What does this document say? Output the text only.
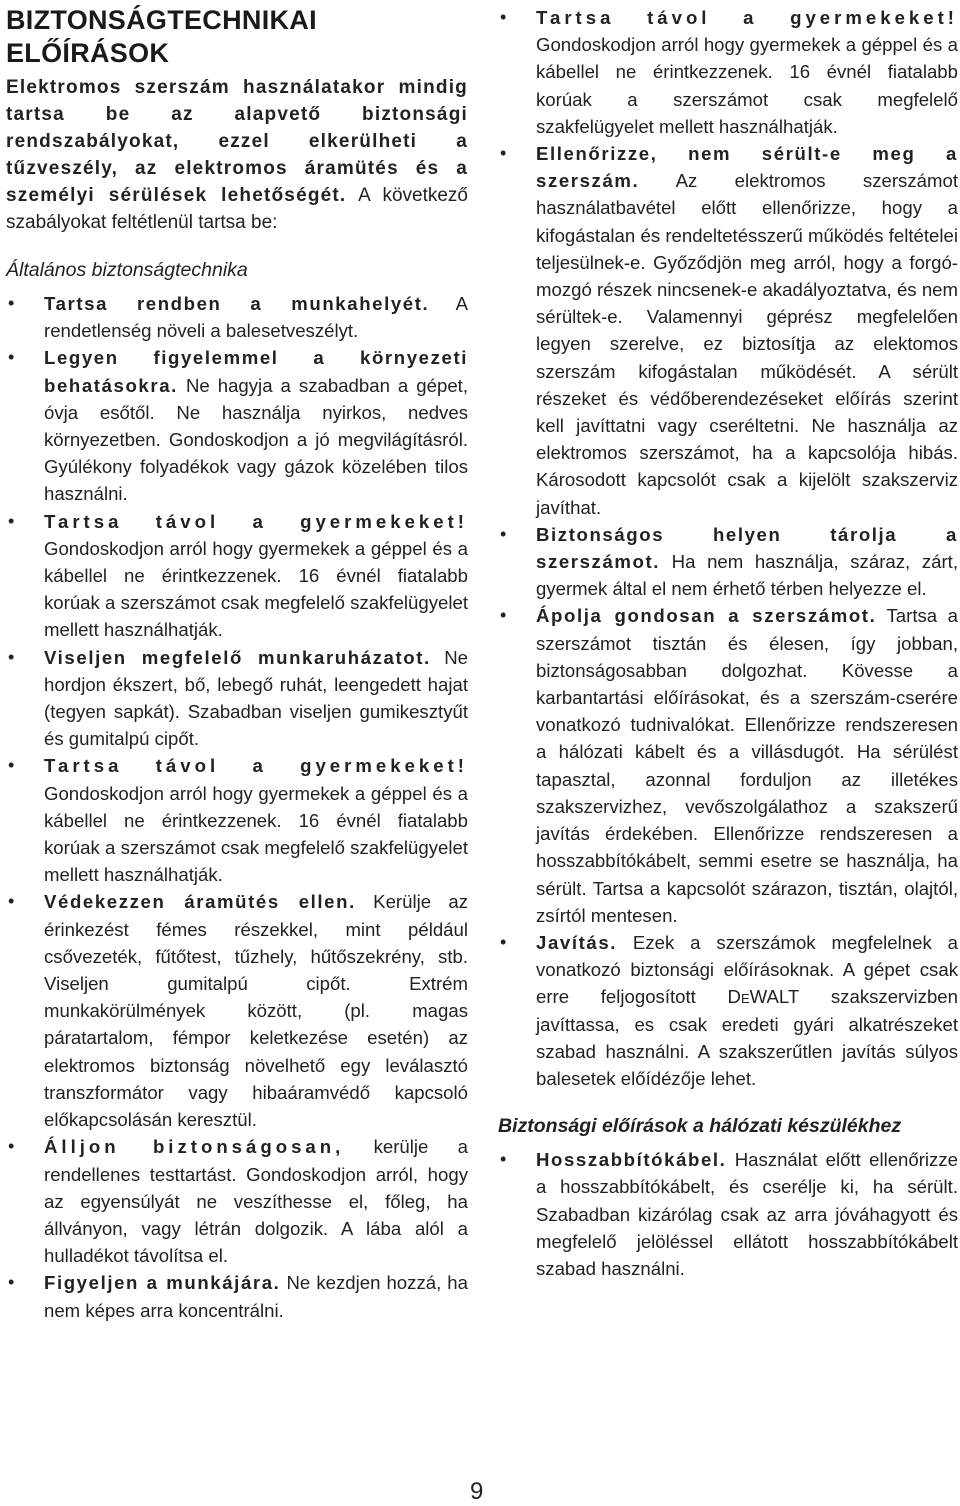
BIZTONSÁGTECHNIKAI
ELŐÍRÁSOK

Elektromos szerszám használatakor mindig tartsa be az alapvető biztonsági rendszabályokat, ezzel elkerülheti a tűzveszély, az elektromos áramütés és a személyi sérülések lehetőségét. A következő szabályokat feltétlenül tartsa be:

Általános biztonságtechnika
• Tartsa rendben a munkahelyét. A rendetlenség növeli a balesetveszélyt.
• Legyen figyelemmel a környezeti behatásokra. Ne hagyja a szabadban a gépet, óvja esőtől. Ne használja nyirkos, nedves környezetben. Gondoskodjon a jó megvilágításról. Gyúlékony folyadékok vagy gázok közelében tilos használni.
• Tartsa távol a gyermekeket! Gondoskodjon arról hogy gyermekek a géppel és a kábellel ne érintkezzenek. 16 évnél fiatalabb korúak a szerszámot csak megfelelő szakfelügyelet mellett használhatják.
• Viseljen megfelelő munkaruházatot. Ne hordjon ékszert, bő, lebegő ruhát, leengedett hajat (tegyen sapkát). Szabadban viseljen gumikesztyűt és gumitalpú cipőt.
• Tartsa távol a gyermekeket! Gondoskodjon arról hogy gyermekek a géppel és a kábellel ne érintkezzenek. 16 évnél fiatalabb korúak a szerszámot csak megfelelő szakfelügyelet mellett használhatják.
• Védekezzen áramütés ellen. Kerülje az érinkezést fémes részekkel, mint például csővezeték, fűtőtest, tűzhely, hűtőszekrény, stb. Viseljen gumitalpú cipőt. Extrém munkakörülmények között, (pl. magas páratartalom, fémpor keletkezése esetén) az elektromos biztonság növelhető egy leválasztó transzformátor vagy hibaáramvédő kapcsoló előkapcsolásán keresztül.
• Álljon biztonságosan, kerülje a rendellenes testtartást. Gondoskodjon arról, hogy az egyensúlyát ne veszíthesse el, főleg, ha állványon, vagy létrán dolgozik. A lába alól a hulladékot távolítsa el.
• Figyeljen a munkájára. Ne kezdjen hozzá, ha nem képes arra koncentrálni.
• Tartsa távol a gyermekeket! Gondoskodjon arról hogy gyermekek a géppel és a kábellel ne érintkezzenek. 16 évnél fiatalabb korúak a szerszámot csak megfelelő szakfelügyelet mellett használhatják.
• Ellenőrizze, nem sérült-e meg a szerszám. Az elektromos szerszámot használatbavétel előtt ellenőrizze, hogy a kifogástalan és rendeltetésszerű működés feltételei teljesülnek-e. Győződjön meg arról, hogy a forgó-mozgó részek nincsenek-e akadályoztatva, és nem sérültek-e. Valamennyi géprész megfelelően legyen szerelve, ez biztosítja az elektomos szerszám kifogástalan működését. A sérült részeket és védőberendezéseket előírás szerint kell javíttatni vagy cseréltetni. Ne használja az elektromos szerszámot, ha a kapcsolója hibás. Károsodott kapcsolót csak a kijelölt szakszerviz javíthat.
• Biztonságos helyen tárolja a szerszámot. Ha nem használja, száraz, zárt, gyermek által el nem érhető térben helyezze el.
• Ápolja gondosan a szerszámot. Tartsa a szerszámot tisztán és élesen, így jobban, biztonságosabban dolgozhat. Kövesse a karbantartási előírásokat, és a szerszám-cserére vonatkozó tudnivalókat. Ellenőrizze rendszeresen a hálózati kábelt és a villásdugót. Ha sérülést tapasztal, azonnal forduljon az illetékes szakszervizhez, vevőszolgálathoz a szakszerű javítás érdekében. Ellenőrizze rendszeresen a hosszabbítókábelt, semmi esetre se használja, ha sérült. Tartsa a kapcsolót szárazon, tisztán, olajtól, zsírtól mentesen.
• Javítás. Ezek a szerszámok megfelelnek a vonatkozó biztonsági előírásoknak. A gépet csak erre feljogosított DeWALT szakszervizben javíttassa, es csak eredeti gyári alkatrészeket szabad használni. A szakszerűtlen javítás súlyos balesetek előídézője lehet.
Biztonsági előírások a hálózati készülékhez
• Hosszabbítókábel. Használat előtt ellenőrizze a hosszabbítókábelt, és cserélje ki, ha sérült. Szabadban kizárólag csak az arra jóváhagyott és megfelelő jelöléssel ellátott hosszabbítókábelt szabad használni.
9
